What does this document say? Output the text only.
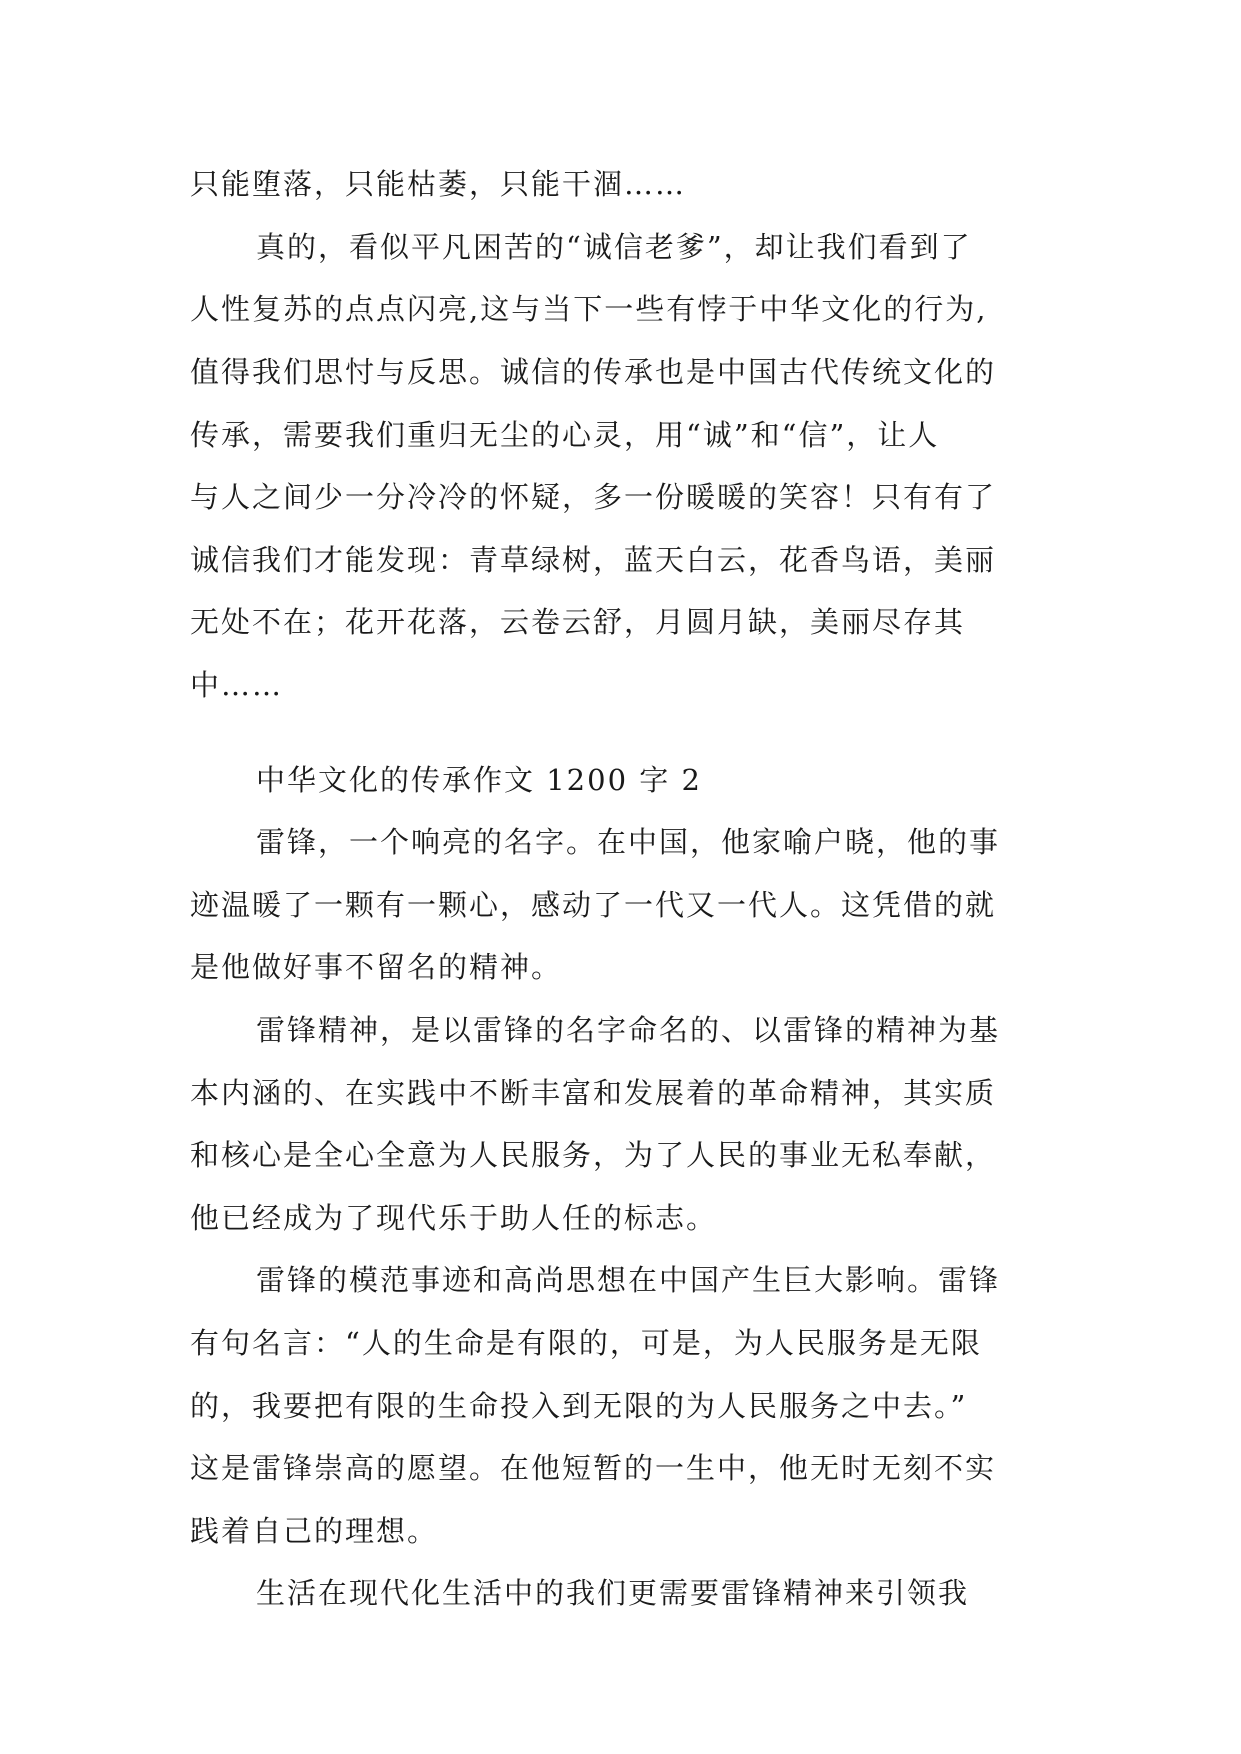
只能堕落，只能枯萎，只能干涸……
真的，看似平凡困苦的“诚信老爹”，却让我们看到了
人性复苏的点点闪亮,这与当下一些有悖于中华文化的行为,
值得我们思忖与反思。诚信的传承也是中国古代传统文化的
传承，需要我们重归无尘的心灵，用“诚”和“信”，让人
与人之间少一分冷冷的怀疑，多一份暖暖的笑容！只有有了
诚信我们才能发现：青草绿树，蓝天白云，花香鸟语，美丽
无处不在；花开花落，云卷云舒，月圆月缺，美丽尽存其
中……
中华文化的传承作文 1200 字 2
雷锋，一个响亮的名字。在中国，他家喻户晓，他的事
迹温暖了一颗有一颗心，感动了一代又一代人。这凭借的就
是他做好事不留名的精神。
雷锋精神，是以雷锋的名字命名的、以雷锋的精神为基
本内涵的、在实践中不断丰富和发展着的革命精神，其实质
和核心是全心全意为人民服务，为了人民的事业无私奉献，
他已经成为了现代乐于助人任的标志。
雷锋的模范事迹和高尚思想在中国产生巨大影响。雷锋
有句名言：“人的生命是有限的，可是，为人民服务是无限
的，我要把有限的生命投入到无限的为人民服务之中去。”
这是雷锋崇高的愿望。在他短暂的一生中，他无时无刻不实
践着自己的理想。
生活在现代化生活中的我们更需要雷锋精神来引领我
